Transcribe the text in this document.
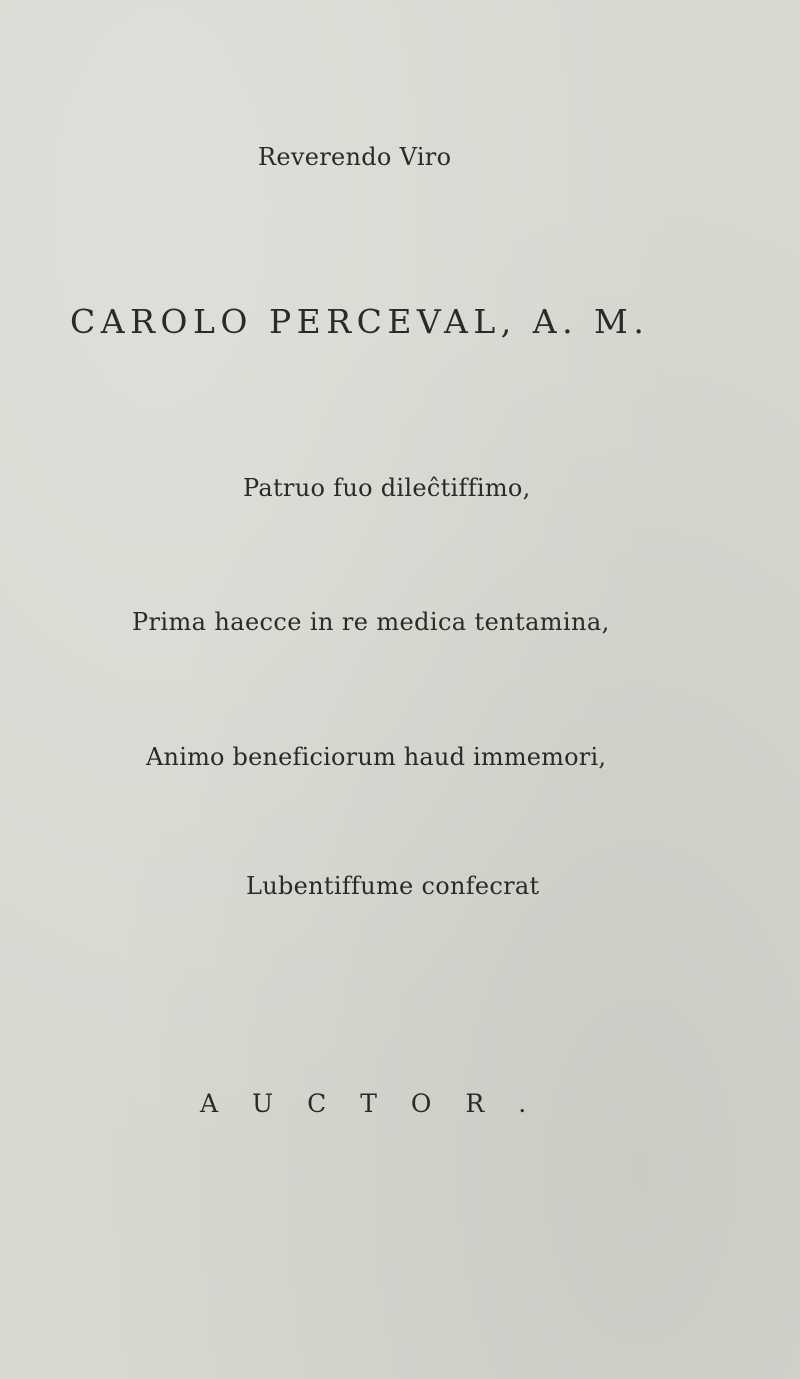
Reverendo Viro
CAROLO PERCEVAL, A. M.
Patruo fuo dileĉtiffimo,
Prima haecce in re medica tentamina,
Animo beneficiorum haud immemori,
Lubentiffume confecrat
AUCTOR.
